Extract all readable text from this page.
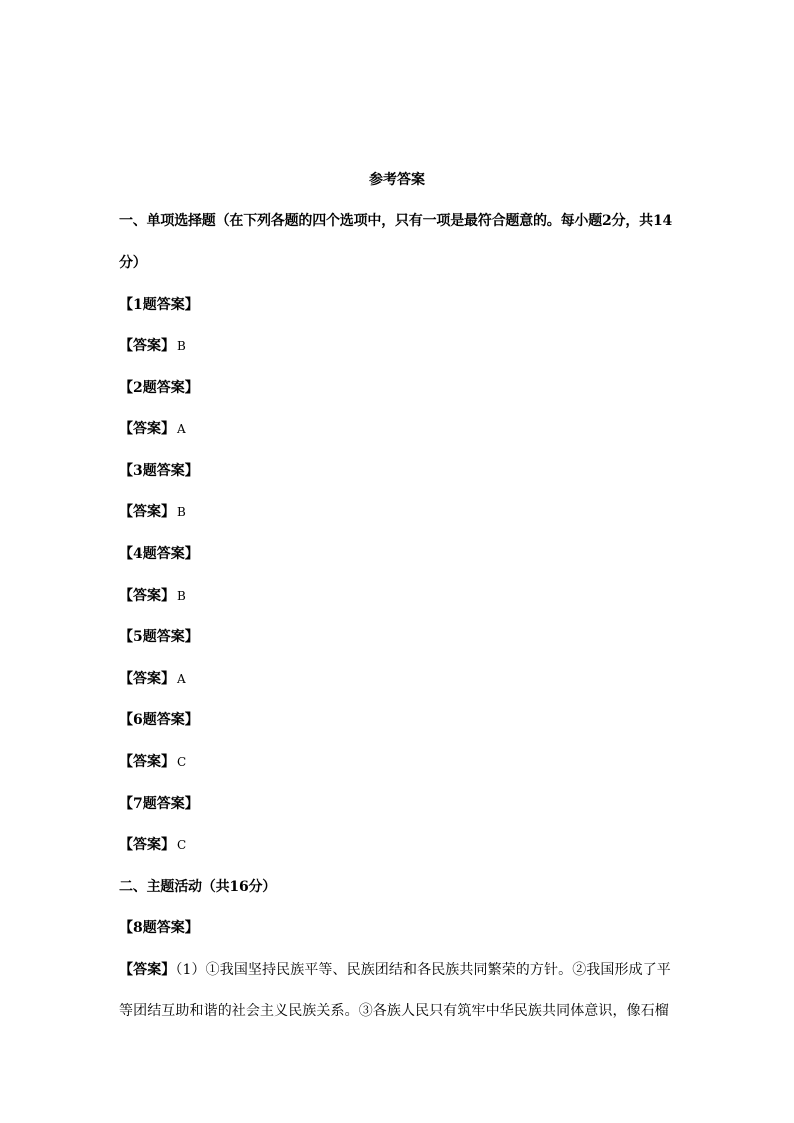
参考答案
一、单项选择题（在下列各题的四个选项中，只有一项是最符合题意的。每小题2分，共14
分）
【1题答案】
【答案】 B
【2题答案】
【答案】 A
【3题答案】
【答案】 B
【4题答案】
【答案】 B
【5题答案】
【答案】 A
【6题答案】
【答案】 C
【7题答案】
【答案】 C
二、主题活动（共16分）
【8题答案】
【答案】（1）①我国坚持民族平等、民族团结和各民族共同繁荣的方针。②我国形成了平
等团结互助和谐的社会主义民族关系。③各族人民只有筑牢中华民族共同体意识，像石榴
